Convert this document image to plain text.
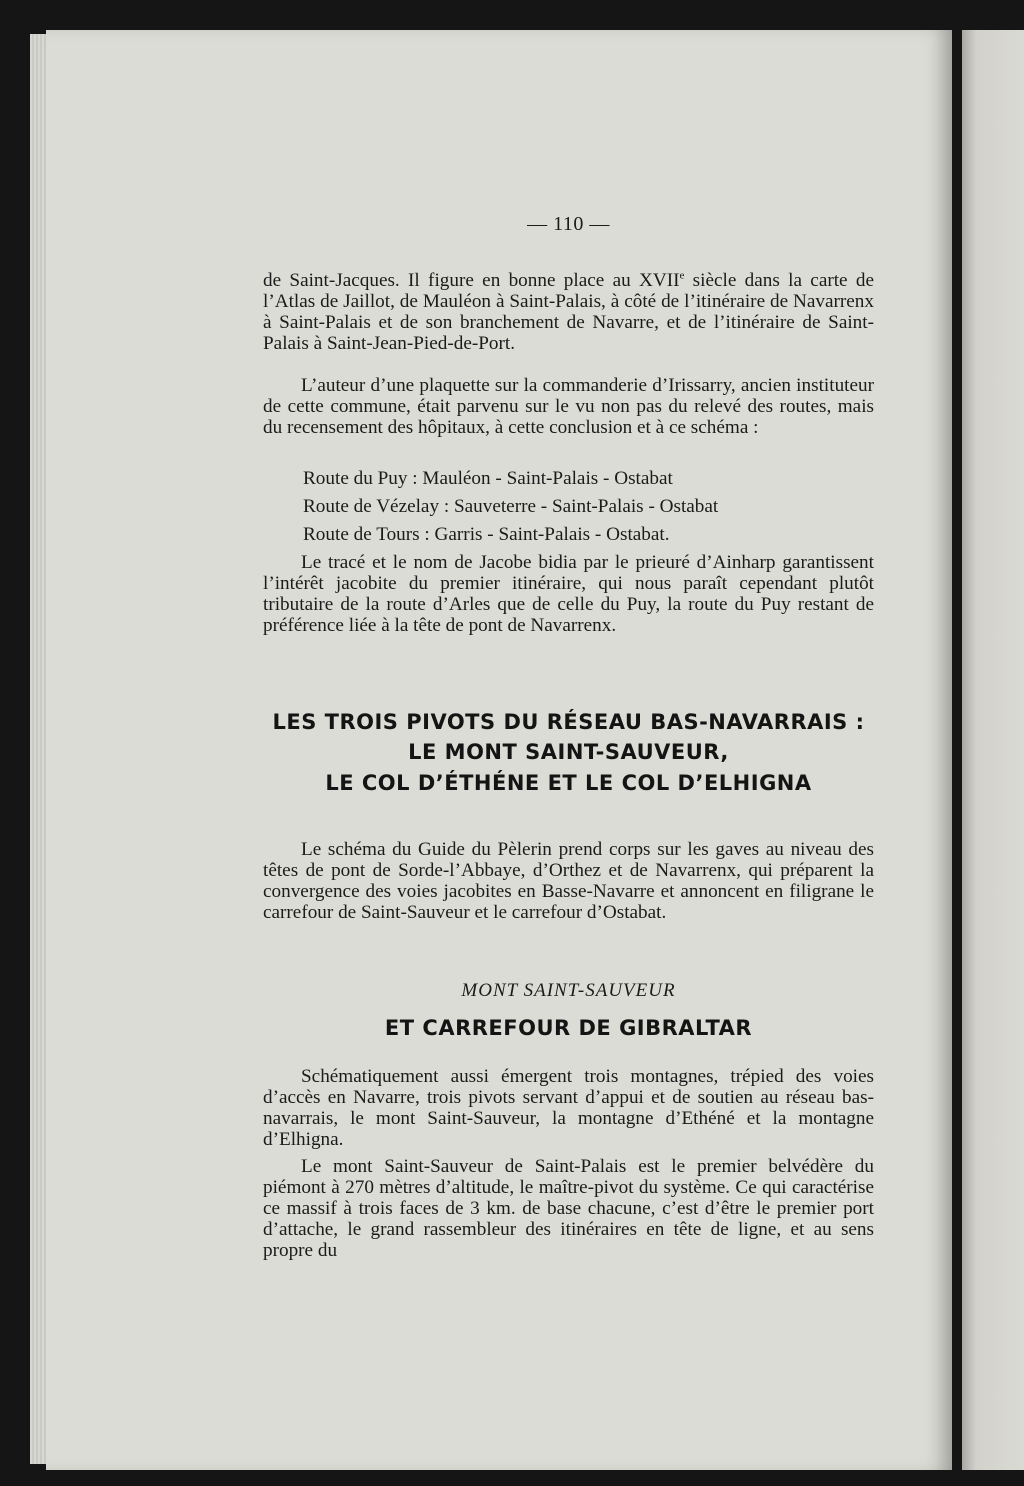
— 110 —

de Saint-Jacques. Il figure en bonne place au XVIIe siècle dans la carte de l’Atlas de Jaillot, de Mauléon à Saint-Palais, à côté de l’itinéraire de Navarrenx à Saint-Palais et de son branchement de Navarre, et de l’itinéraire de Saint-Palais à Saint-Jean-Pied-de-Port.

L’auteur d’une plaquette sur la commanderie d’Irissarry, ancien instituteur de cette commune, était parvenu sur le vu non pas du relevé des routes, mais du recensement des hôpitaux, à cette conclusion et à ce schéma :

Route du Puy : Mauléon - Saint-Palais - Ostabat
Route de Vézelay : Sauveterre - Saint-Palais - Ostabat
Route de Tours : Garris - Saint-Palais - Ostabat.

Le tracé et le nom de Jacobe bidia par le prieuré d’Ainharp garantissent l’intérêt jacobite du premier itinéraire, qui nous paraît cependant plutôt tributaire de la route d’Arles que de celle du Puy, la route du Puy restant de préférence liée à la tête de pont de Navarrenx.

LES TROIS PIVOTS DU RÉSEAU BAS-NAVARRAIS :

LE MONT SAINT-SAUVEUR,

LE COL D’ÉTHÉNE ET LE COL D’ELHIGNA

Le schéma du Guide du Pèlerin prend corps sur les gaves au niveau des têtes de pont de Sorde-l’Abbaye, d’Orthez et de Navarrenx, qui préparent la convergence des voies jacobites en Basse-Navarre et annoncent en filigrane le carrefour de Saint-Sauveur et le carrefour d’Ostabat.

MONT SAINT-SAUVEUR

ET CARREFOUR DE GIBRALTAR

Schématiquement aussi émergent trois montagnes, trépied des voies d’accès en Navarre, trois pivots servant d’appui et de soutien au réseau bas-navarrais, le mont Saint-Sauveur, la montagne d’Ethéné et la montagne d’Elhigna.

Le mont Saint-Sauveur de Saint-Palais est le premier belvédère du piémont à 270 mètres d’altitude, le maître-pivot du système. Ce qui caractérise ce massif à trois faces de 3 km. de base chacune, c’est d’être le premier port d’attache, le grand rassembleur des itinéraires en tête de ligne, et au sens propre du
